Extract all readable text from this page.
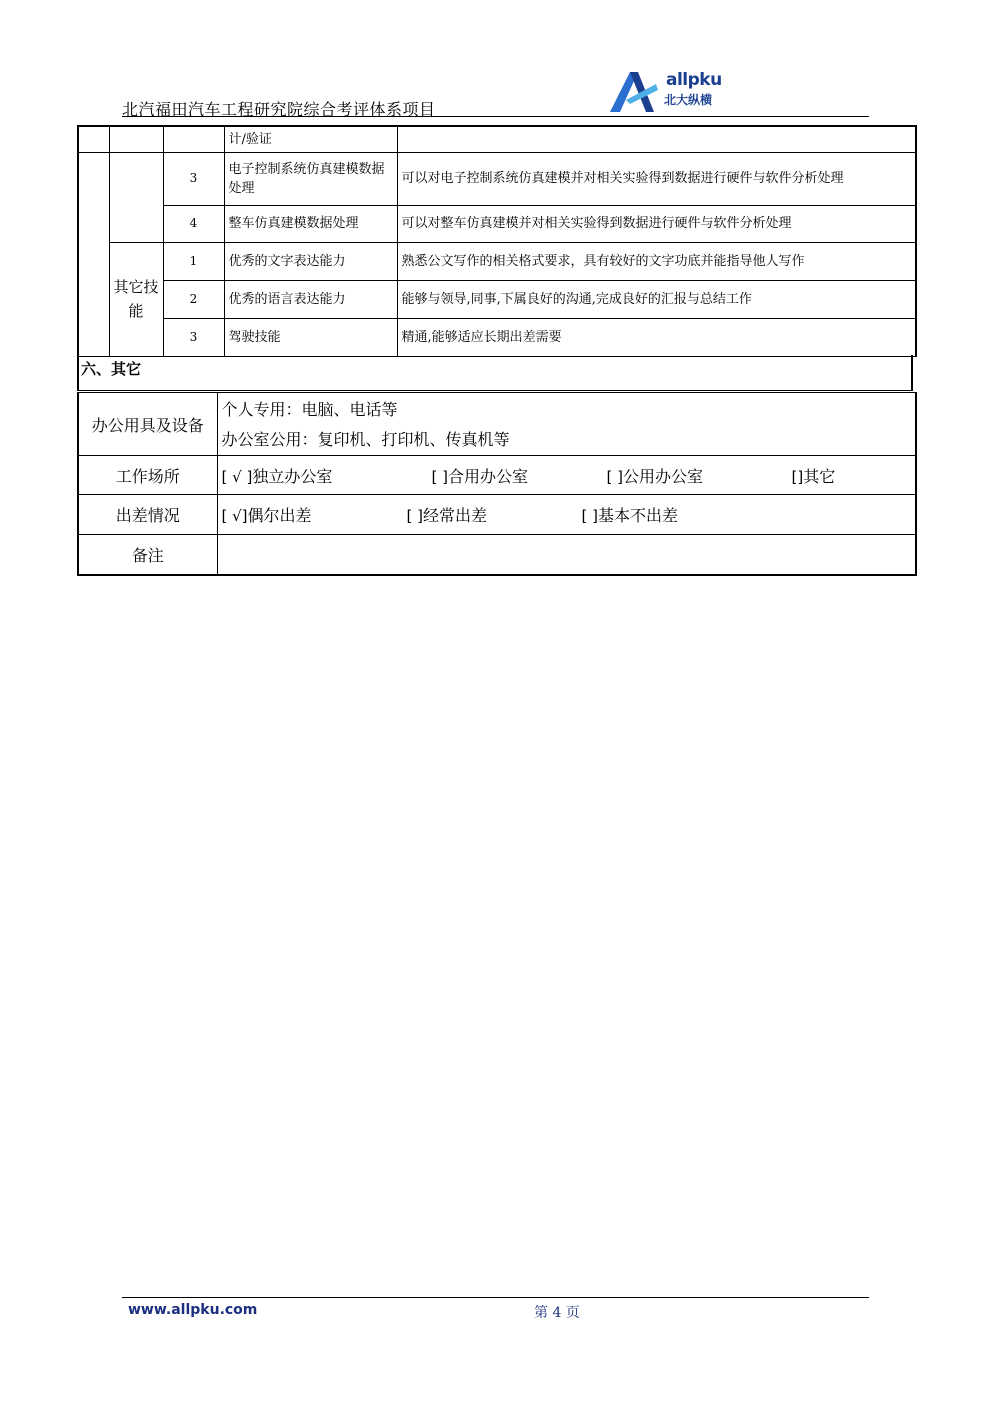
北汽福田汽车工程研究院综合考评体系项目
allpku
北大纵横
			计/验证	
		3	电子控制系统仿真建模数据处理	可以对电子控制系统仿真建模并对相关实验得到数据进行硬件与软件分析处理
		4	整车仿真建模数据处理	可以对整车仿真建模并对相关实验得到数据进行硬件与软件分析处理
	其它技能	1	优秀的文字表达能力	熟悉公文写作的相关格式要求，具有较好的文字功底并能指导他人写作
		2	优秀的语言表达能力	能够与领导,同事,下属良好的沟通,完成良好的汇报与总结工作
		3	驾驶技能	精通,能够适应长期出差需要
六、其它
办公用具及设备	个人专用：电脑、电话等
办公室公用：复印机、打印机、传真机等

工作场所	[ √ ]独立办公室 [ ]合用办公室 [ ]公用办公室 []其它
出差情况	[ √]偶尔出差 [ ]经常出差 [ ]基本不出差
备注	
www.allpku.com	第 4 页
